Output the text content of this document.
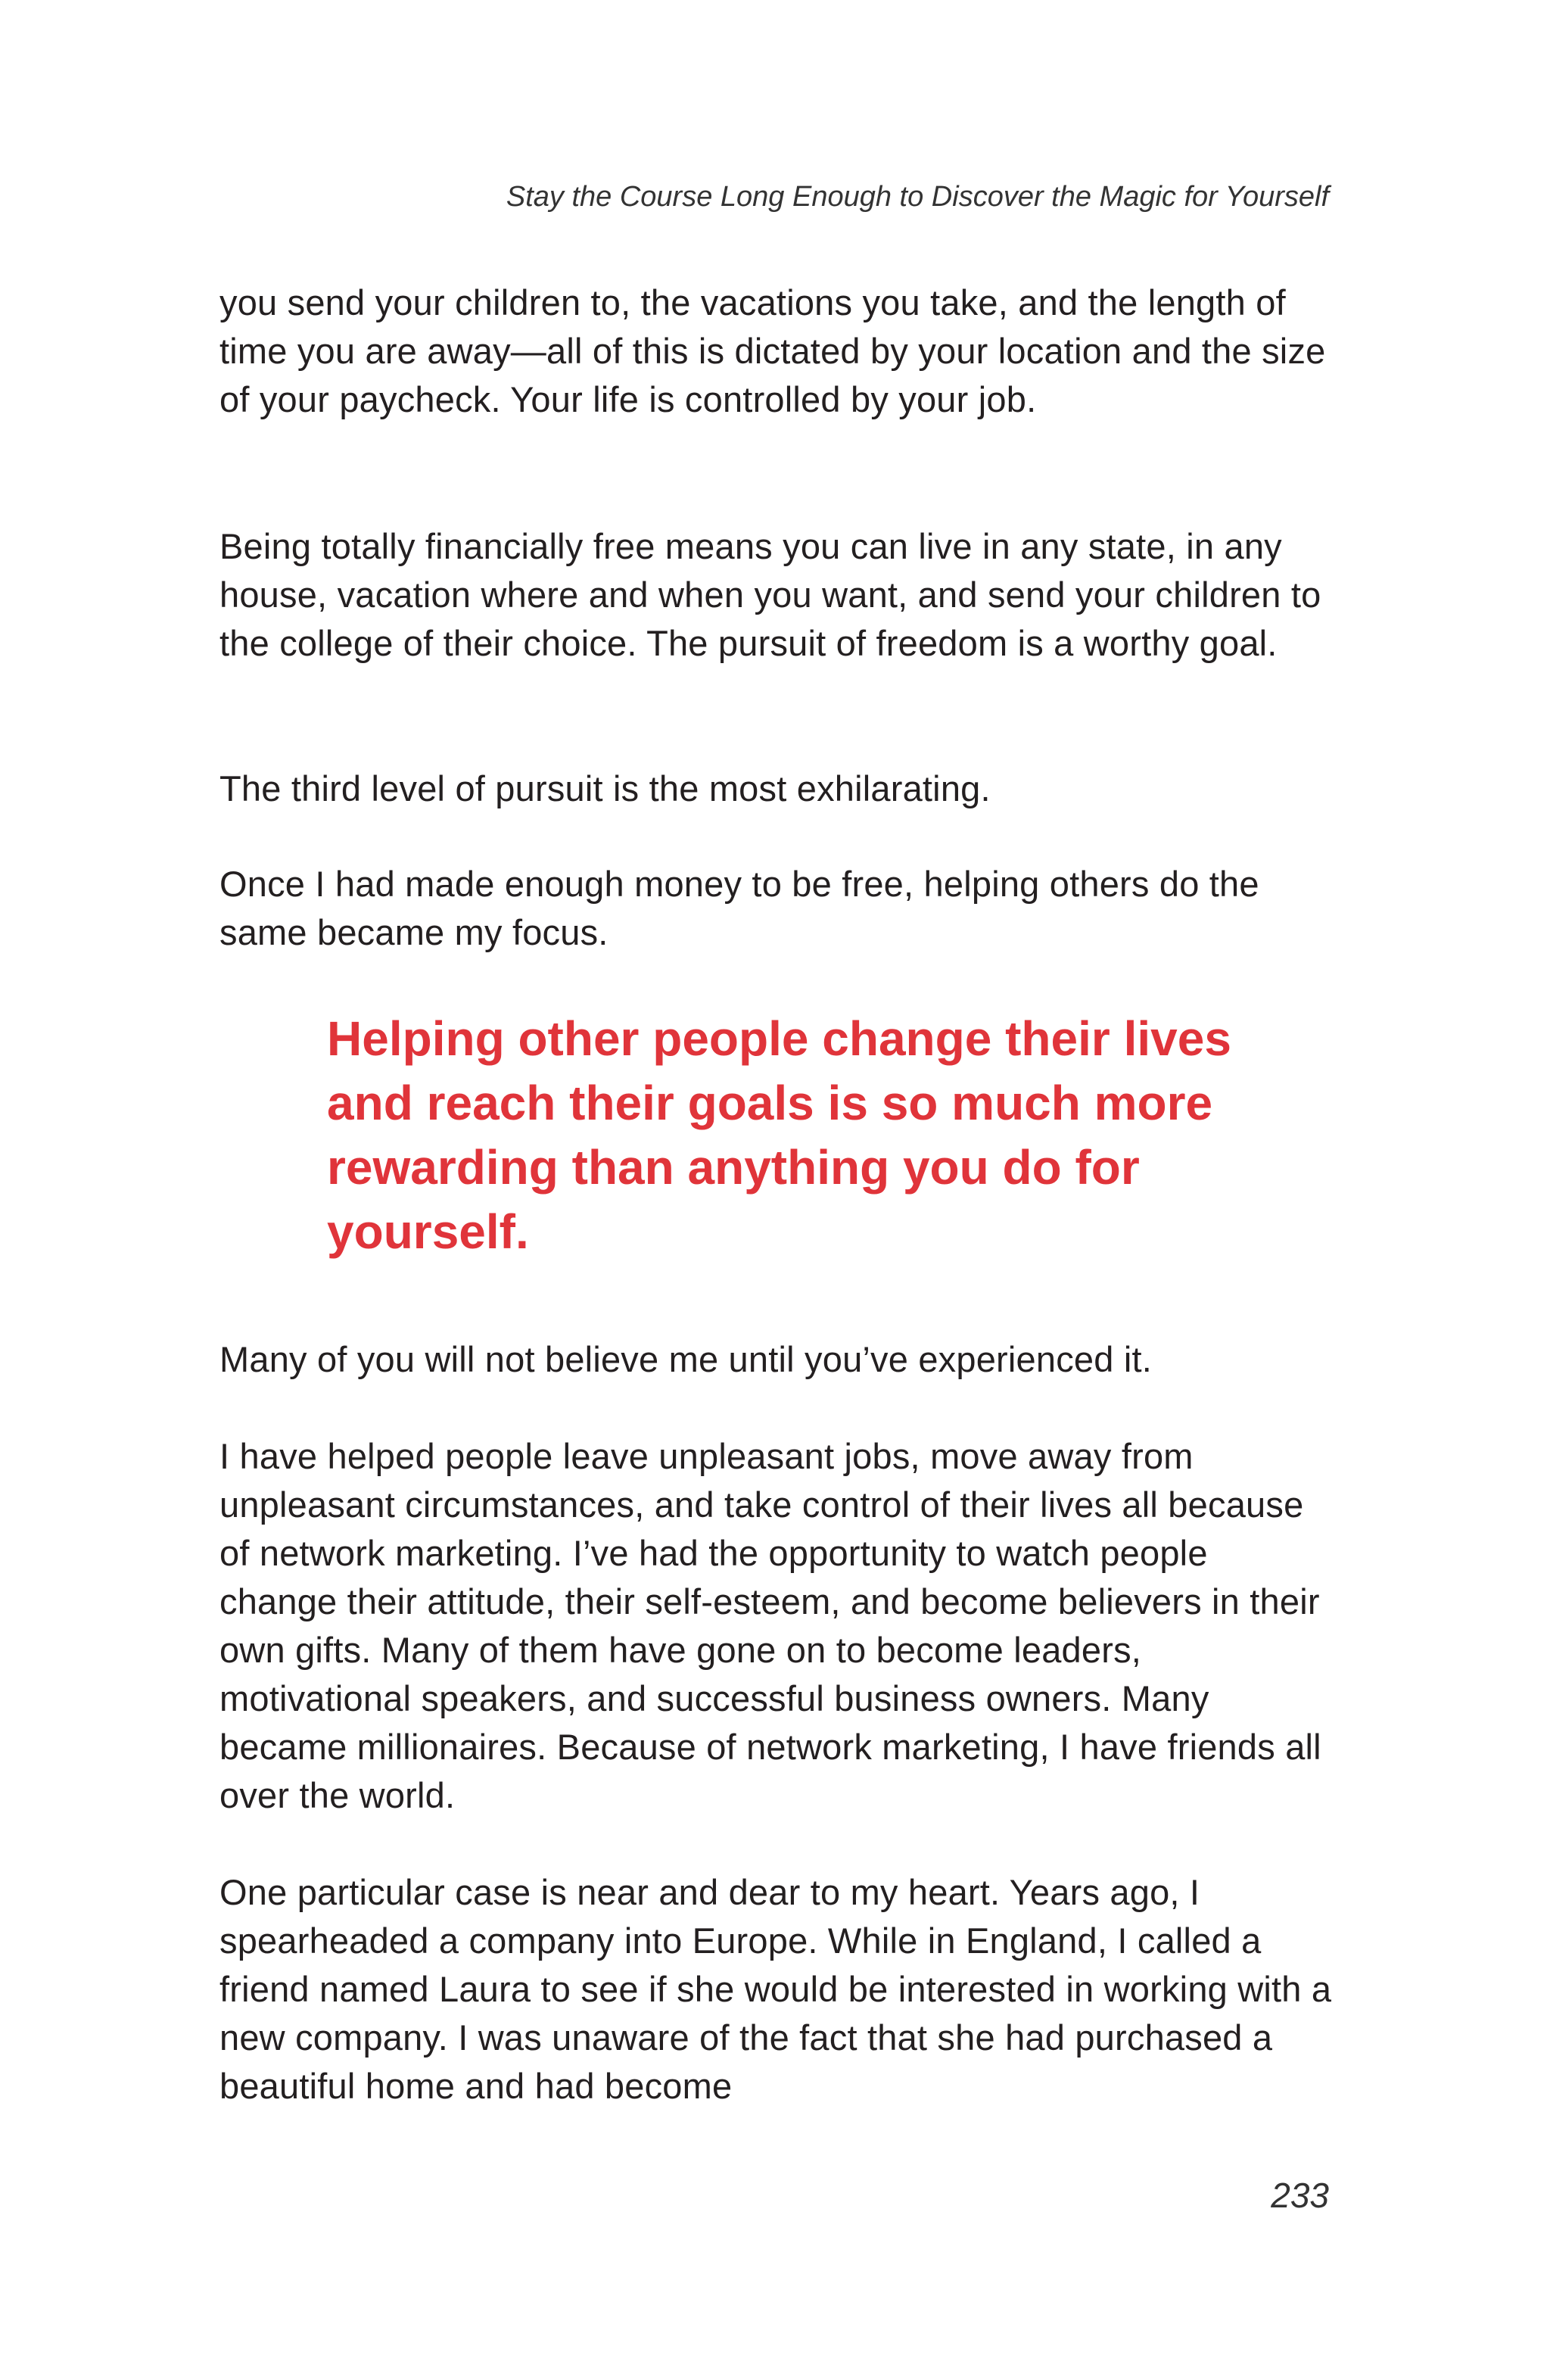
Stay the Course Long Enough to Discover the Magic for Yourself

you send your children to, the vacations you take, and the length of time you are away—all of this is dictated by your location and the size of your paycheck. Your life is controlled by your job.

Being totally financially free means you can live in any state, in any house, vacation where and when you want, and send your children to the college of their choice. The pursuit of freedom is a worthy goal.

The third level of pursuit is the most exhilarating.

Once I had made enough money to be free, helping others do the same became my focus.

Helping other people change their lives and reach their goals is so much more rewarding than anything you do for yourself.

Many of you will not believe me until you’ve experienced it.

I have helped people leave unpleasant jobs, move away from unpleasant circumstances, and take control of their lives all because of network marketing. I’ve had the opportunity to watch people change their attitude, their self-esteem, and become believers in their own gifts. Many of them have gone on to become leaders, motivational speakers, and successful business owners. Many became millionaires. Because of network marketing, I have friends all over the world.

One particular case is near and dear to my heart. Years ago, I spearheaded a company into Europe. While in England, I called a friend named Laura to see if she would be interested in working with a new company. I was unaware of the fact that she had purchased a beautiful home and had become

233
